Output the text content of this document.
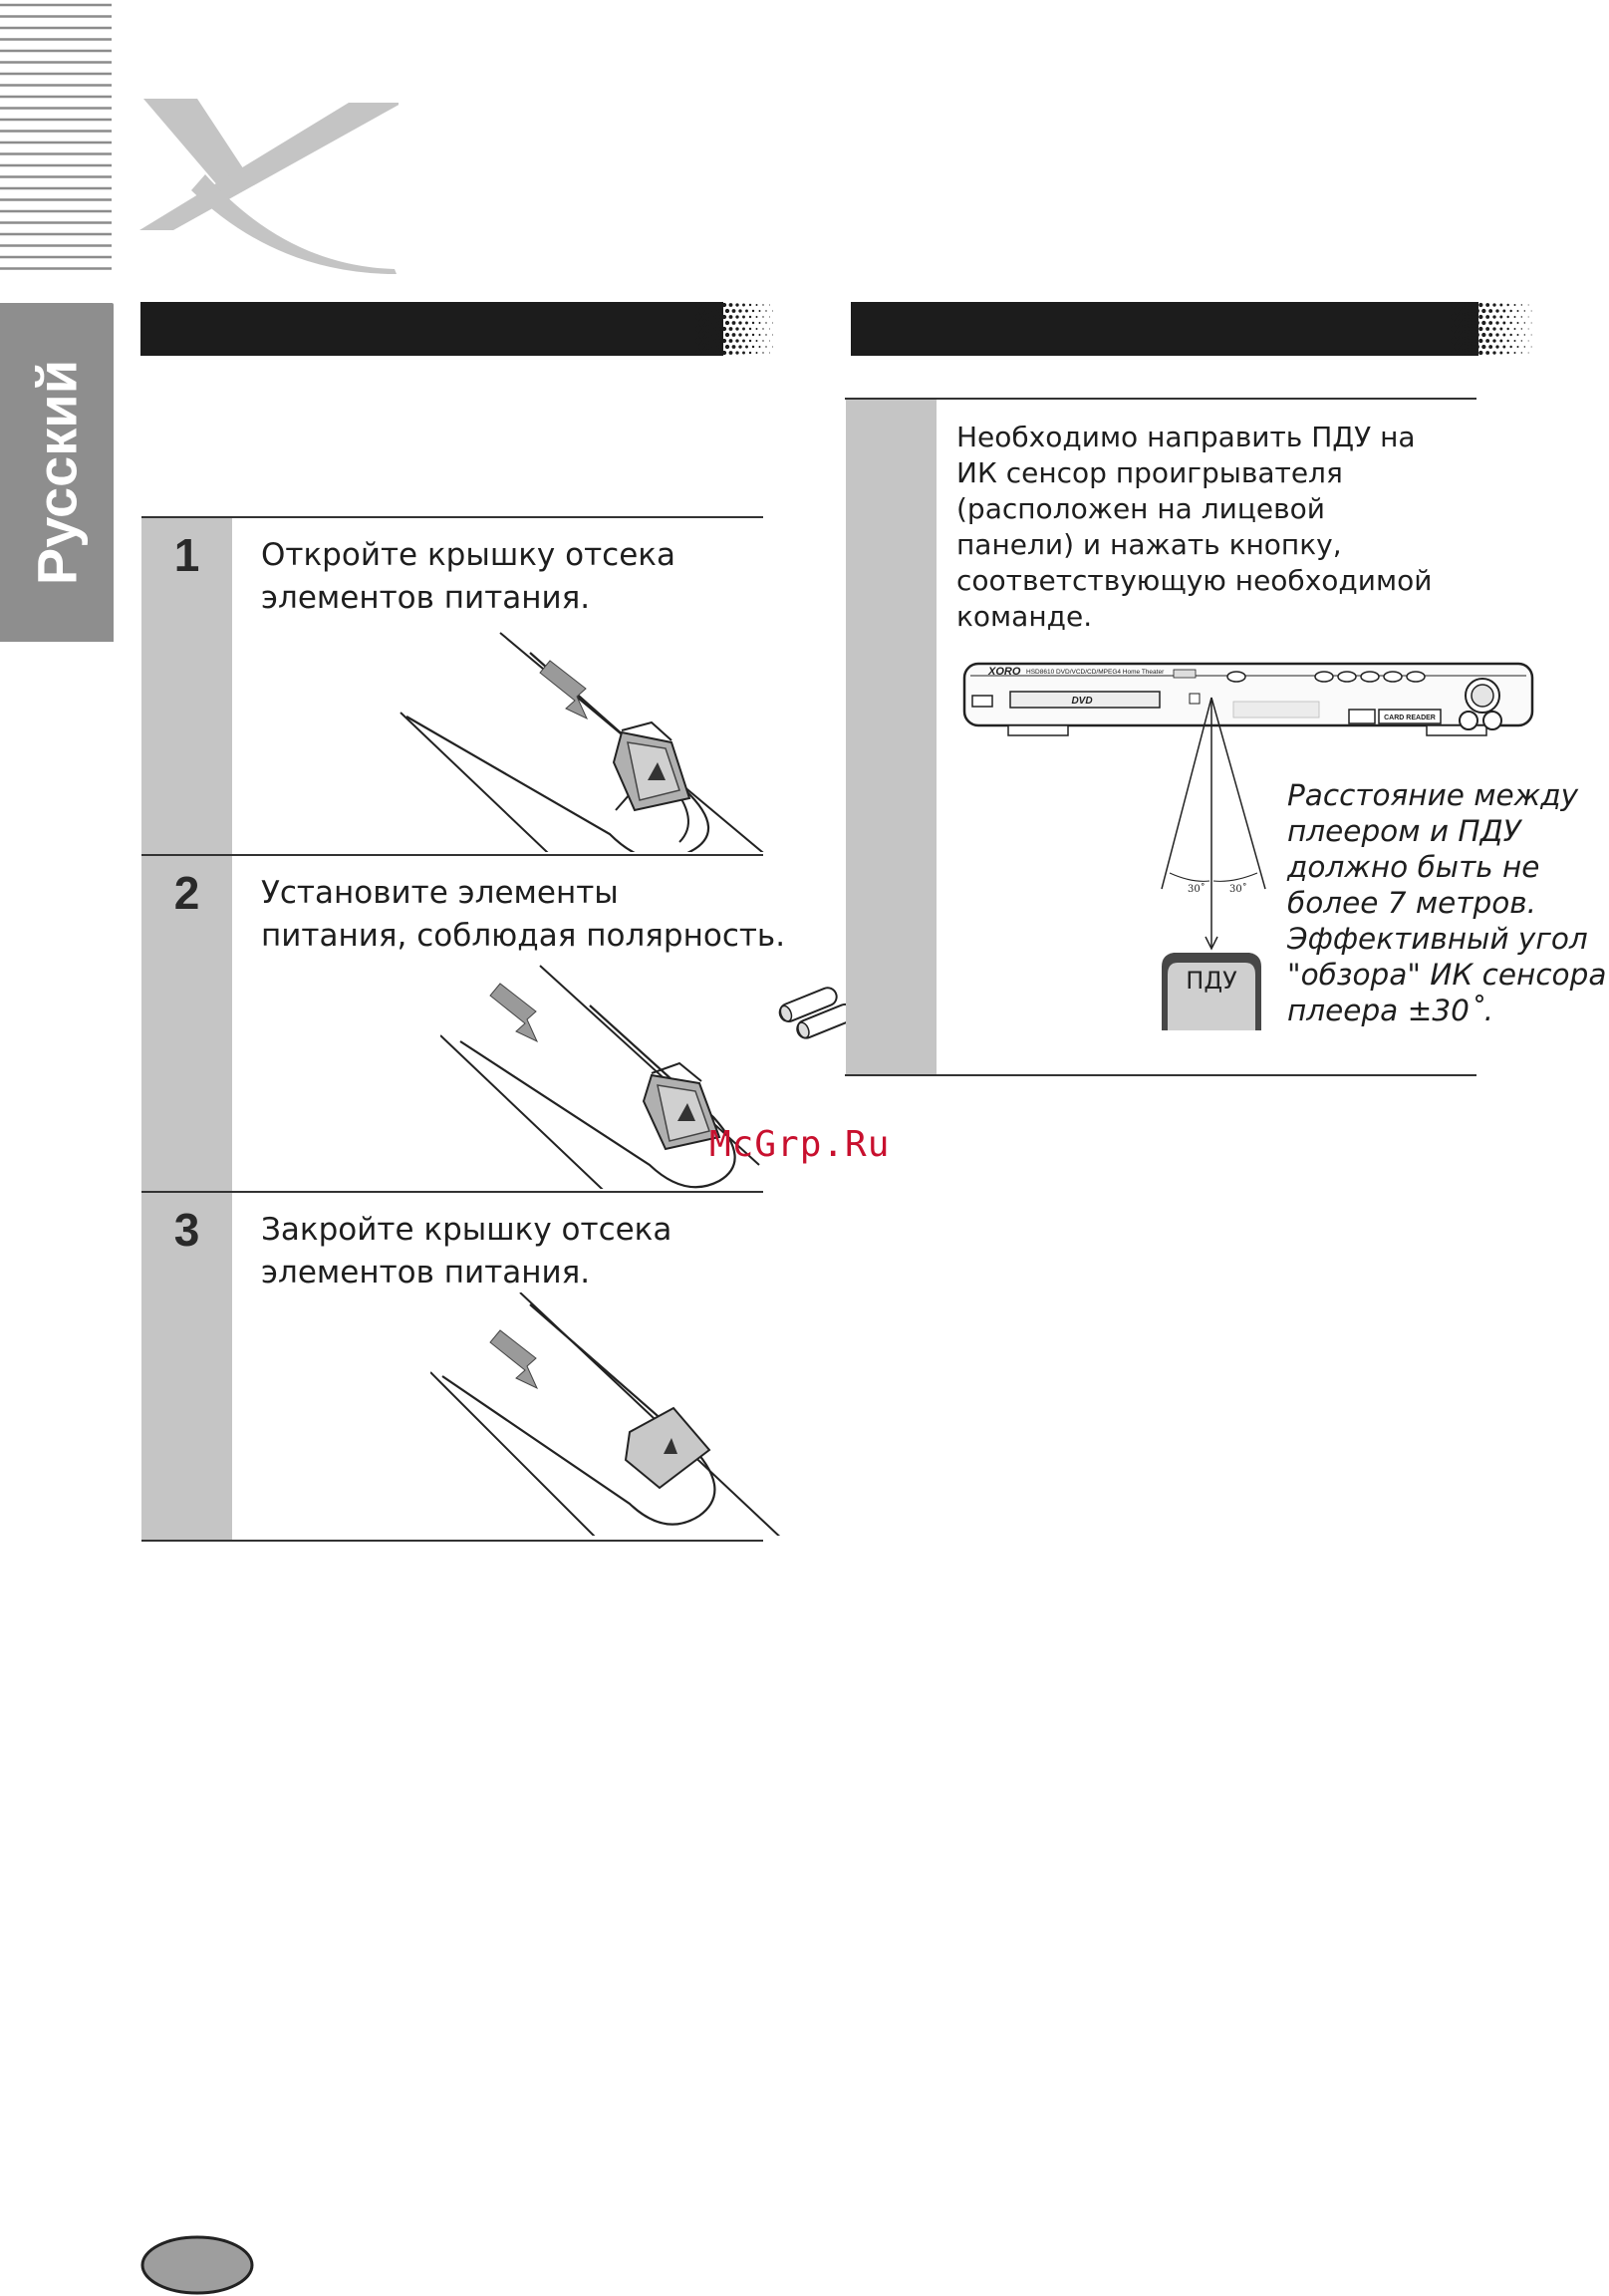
Русский	1	Откройте крышку отсека
элементов питания.
2	Установите элементы
питания, соблюдая полярность.
3	Закройте крышку отсека
элементов питания.
Необходимо направить ПДУ на
ИК сенсор проигрывателя
(расположен на лицевой
панели) и нажать кнопку,
соответствующую необходимой
команде.
XORO HSD8610 DVD/VCD/CD/MPEG4 Home Theater
DVD
CARD READER
30˚ 30˚
ПДУ
Расстояние между
плеером и ПДУ
должно быть не
более 7 метров.
Эффективный угол
"обзора" ИК сенсора
плеера ±30˚.
McGrp.Ru
